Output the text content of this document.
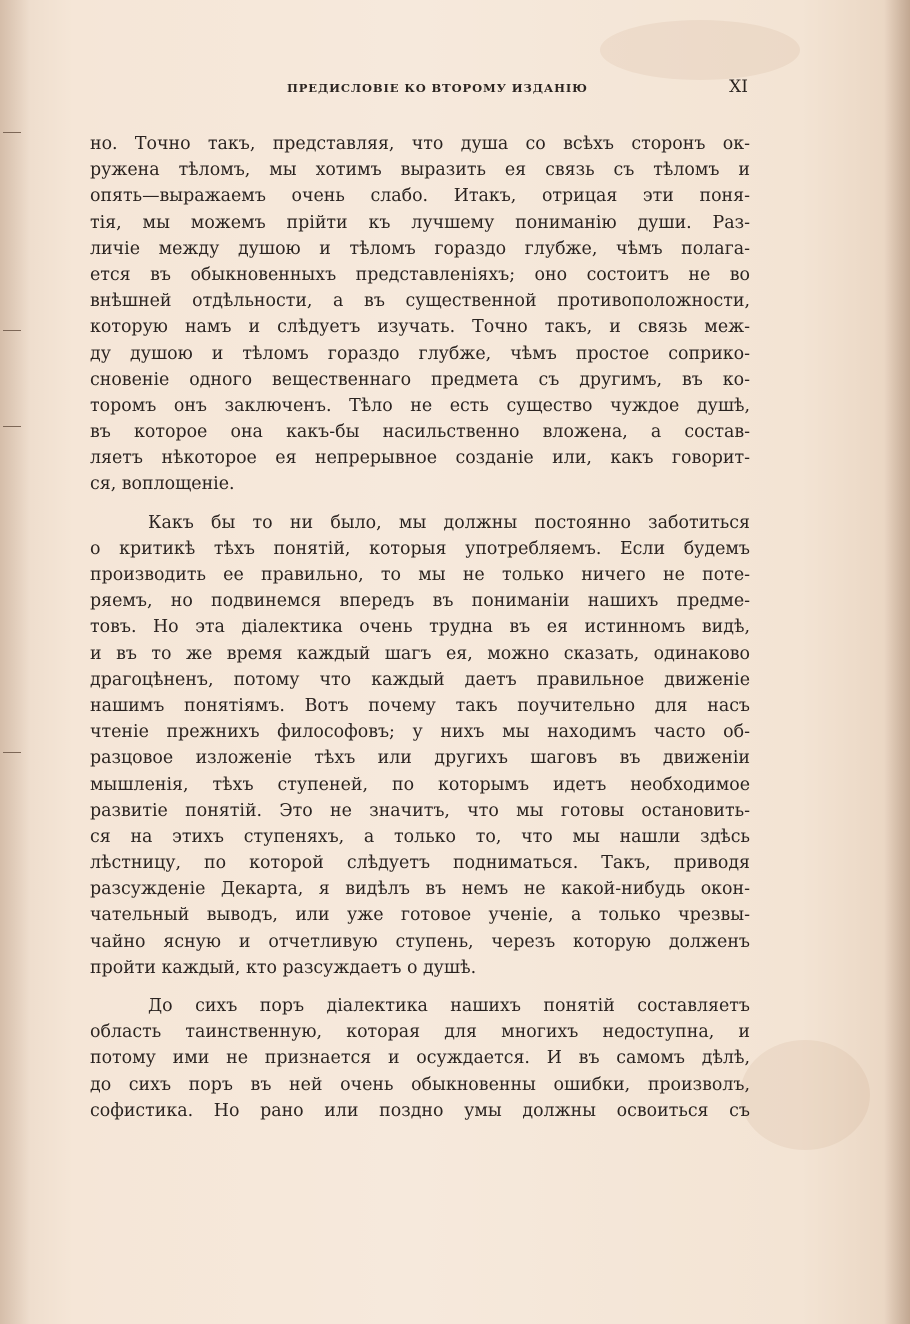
ПРЕДИСЛОВІЕ КО ВТОРОМУ ИЗДАНІЮ	XI

но. Точно такъ, представляя, что душа со всѣхъ сторонъ ок-
ружена тѣломъ, мы хотимъ выразить ея связь съ тѣломъ и
опять—выражаемъ очень слабо. Итакъ, отрицая эти поня-
тія, мы можемъ прійти къ лучшему пониманію души. Раз-
личіе между душою и тѣломъ гораздо глубже, чѣмъ полага-
ется въ обыкновенныхъ представленіяхъ; оно состоитъ не во
внѣшней отдѣльности, а въ существенной противоположности,
которую намъ и слѣдуетъ изучать. Точно такъ, и связь меж-
ду душою и тѣломъ гораздо глубже, чѣмъ простое соприко-
сновеніе одного вещественнаго предмета съ другимъ, въ ко-
торомъ онъ заключенъ. Тѣло не есть существо чуждое душѣ,
въ которое она какъ-бы насильственно вложена, а состав-
ляетъ нѣкоторое ея непрерывное созданіе или, какъ говорит-
ся, воплощеніе.

Какъ бы то ни было, мы должны постоянно заботиться
о критикѣ тѣхъ понятій, которыя употребляемъ. Если будемъ
производить ее правильно, то мы не только ничего не поте-
ряемъ, но подвинемся впередъ въ пониманіи нашихъ предме-
товъ. Но эта діалектика очень трудна въ ея истинномъ видѣ,
и въ то же время каждый шагъ ея, можно сказать, одинаково
драгоцѣненъ, потому что каждый даетъ правильное движеніе
нашимъ понятіямъ. Вотъ почему такъ поучительно для насъ
чтеніе прежнихъ философовъ; у нихъ мы находимъ часто об-
разцовое изложеніе тѣхъ или другихъ шаговъ въ движеніи
мышленія, тѣхъ ступеней, по которымъ идетъ необходимое
развитіе понятій. Это не значитъ, что мы готовы остановить-
ся на этихъ ступеняхъ, а только то, что мы нашли здѣсь
лѣстницу, по которой слѣдуетъ подниматься. Такъ, приводя
разсужденіе Декарта, я видѣлъ въ немъ не какой-нибудь окон-
чательный выводъ, или уже готовое ученіе, а только чрезвы-
чайно ясную и отчетливую ступень, черезъ которую долженъ
пройти каждый, кто разсуждаетъ о душѣ.

До сихъ поръ діалектика нашихъ понятій составляетъ
область таинственную, которая для многихъ недоступна, и
потому ими не признается и осуждается. И въ самомъ дѣлѣ,
до сихъ поръ въ ней очень обыкновенны ошибки, произволъ,
софистика. Но рано или поздно умы должны освоиться съ
